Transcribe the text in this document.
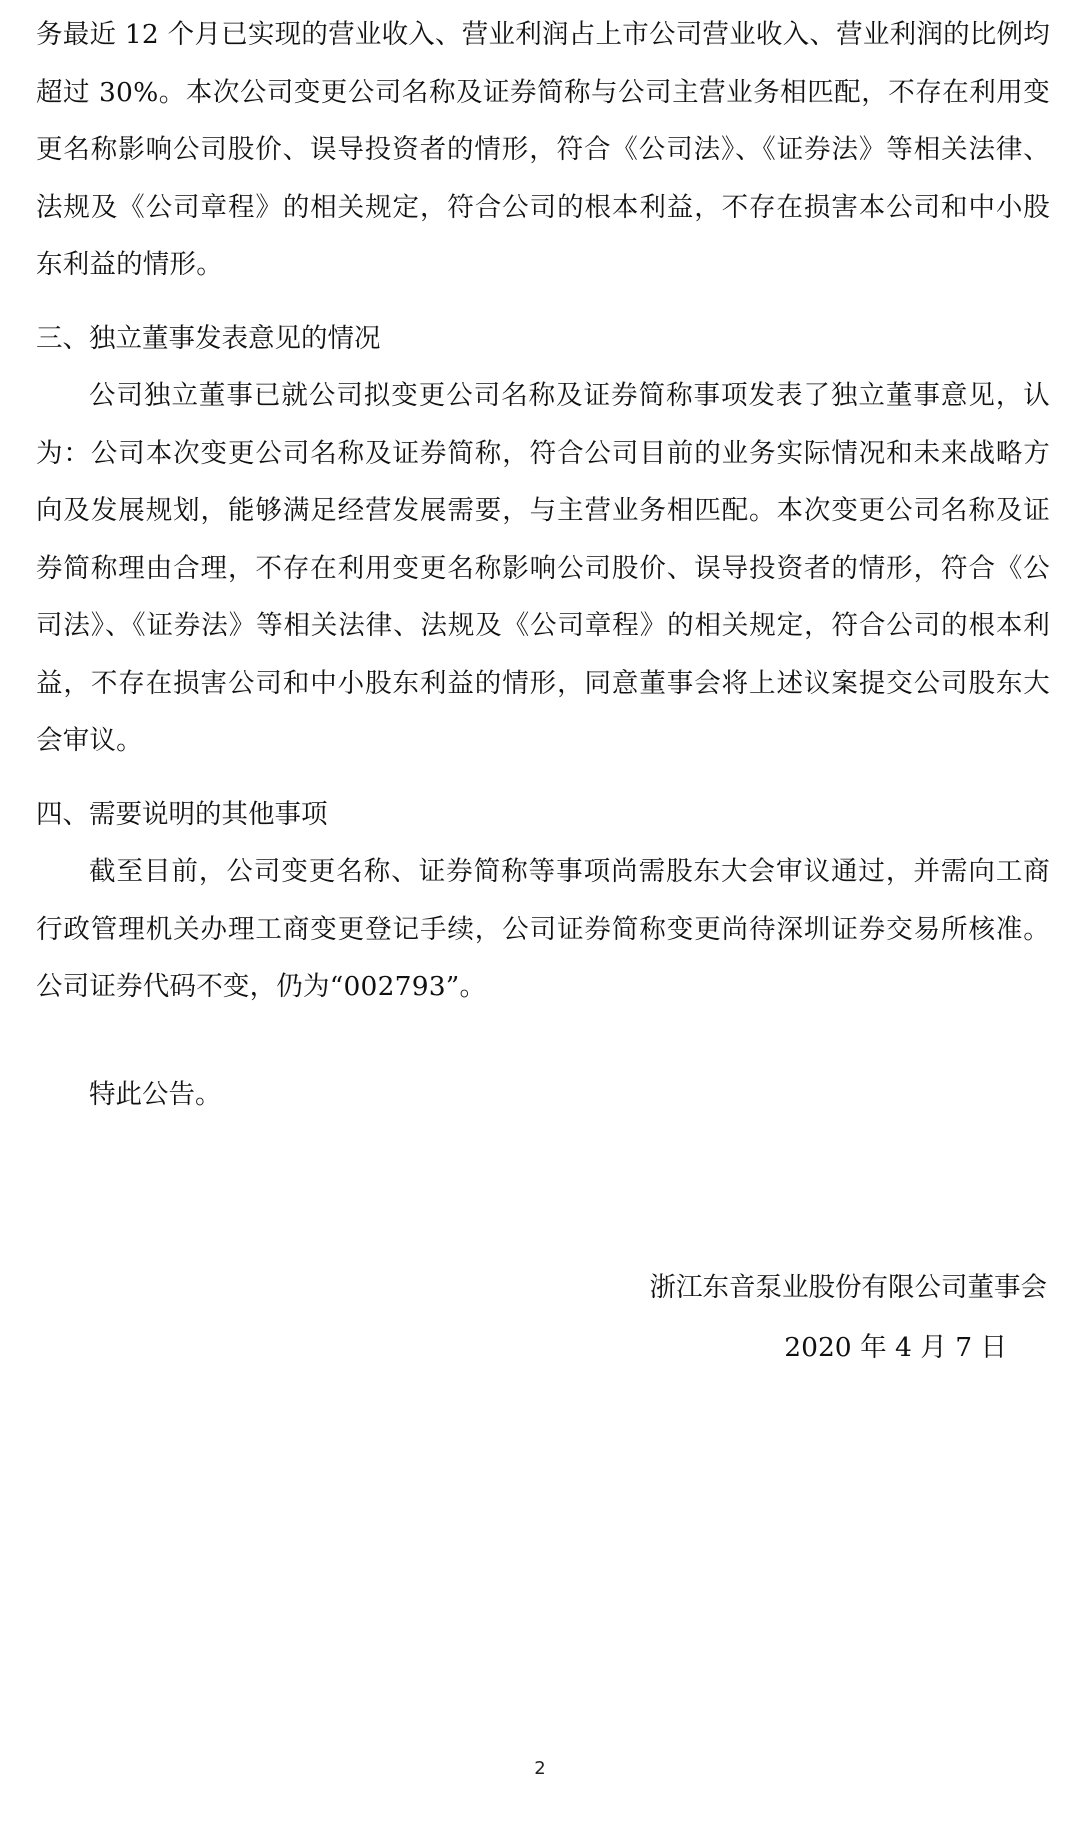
务最近 12 个月已实现的营业收入、营业利润占上市公司营业收入、营业利润的比例均超过 30%。本次公司变更公司名称及证券简称与公司主营业务相匹配，不存在利用变更名称影响公司股价、误导投资者的情形，符合《公司法》、《证券法》等相关法律、法规及《公司章程》的相关规定，符合公司的根本利益，不存在损害本公司和中小股东利益的情形。

三、独立董事发表意见的情况

公司独立董事已就公司拟变更公司名称及证券简称事项发表了独立董事意见，认为：公司本次变更公司名称及证券简称，符合公司目前的业务实际情况和未来战略方向及发展规划，能够满足经营发展需要，与主营业务相匹配。本次变更公司名称及证券简称理由合理，不存在利用变更名称影响公司股价、误导投资者的情形，符合《公司法》、《证券法》等相关法律、法规及《公司章程》的相关规定，符合公司的根本利益，不存在损害公司和中小股东利益的情形，同意董事会将上述议案提交公司股东大会审议。

四、需要说明的其他事项

截至目前，公司变更名称、证券简称等事项尚需股东大会审议通过，并需向工商行政管理机关办理工商变更登记手续，公司证券简称变更尚待深圳证券交易所核准。公司证券代码不变，仍为“002793”。

特此公告。

浙江东音泵业股份有限公司董事会
2020 年 4 月 7 日
2
